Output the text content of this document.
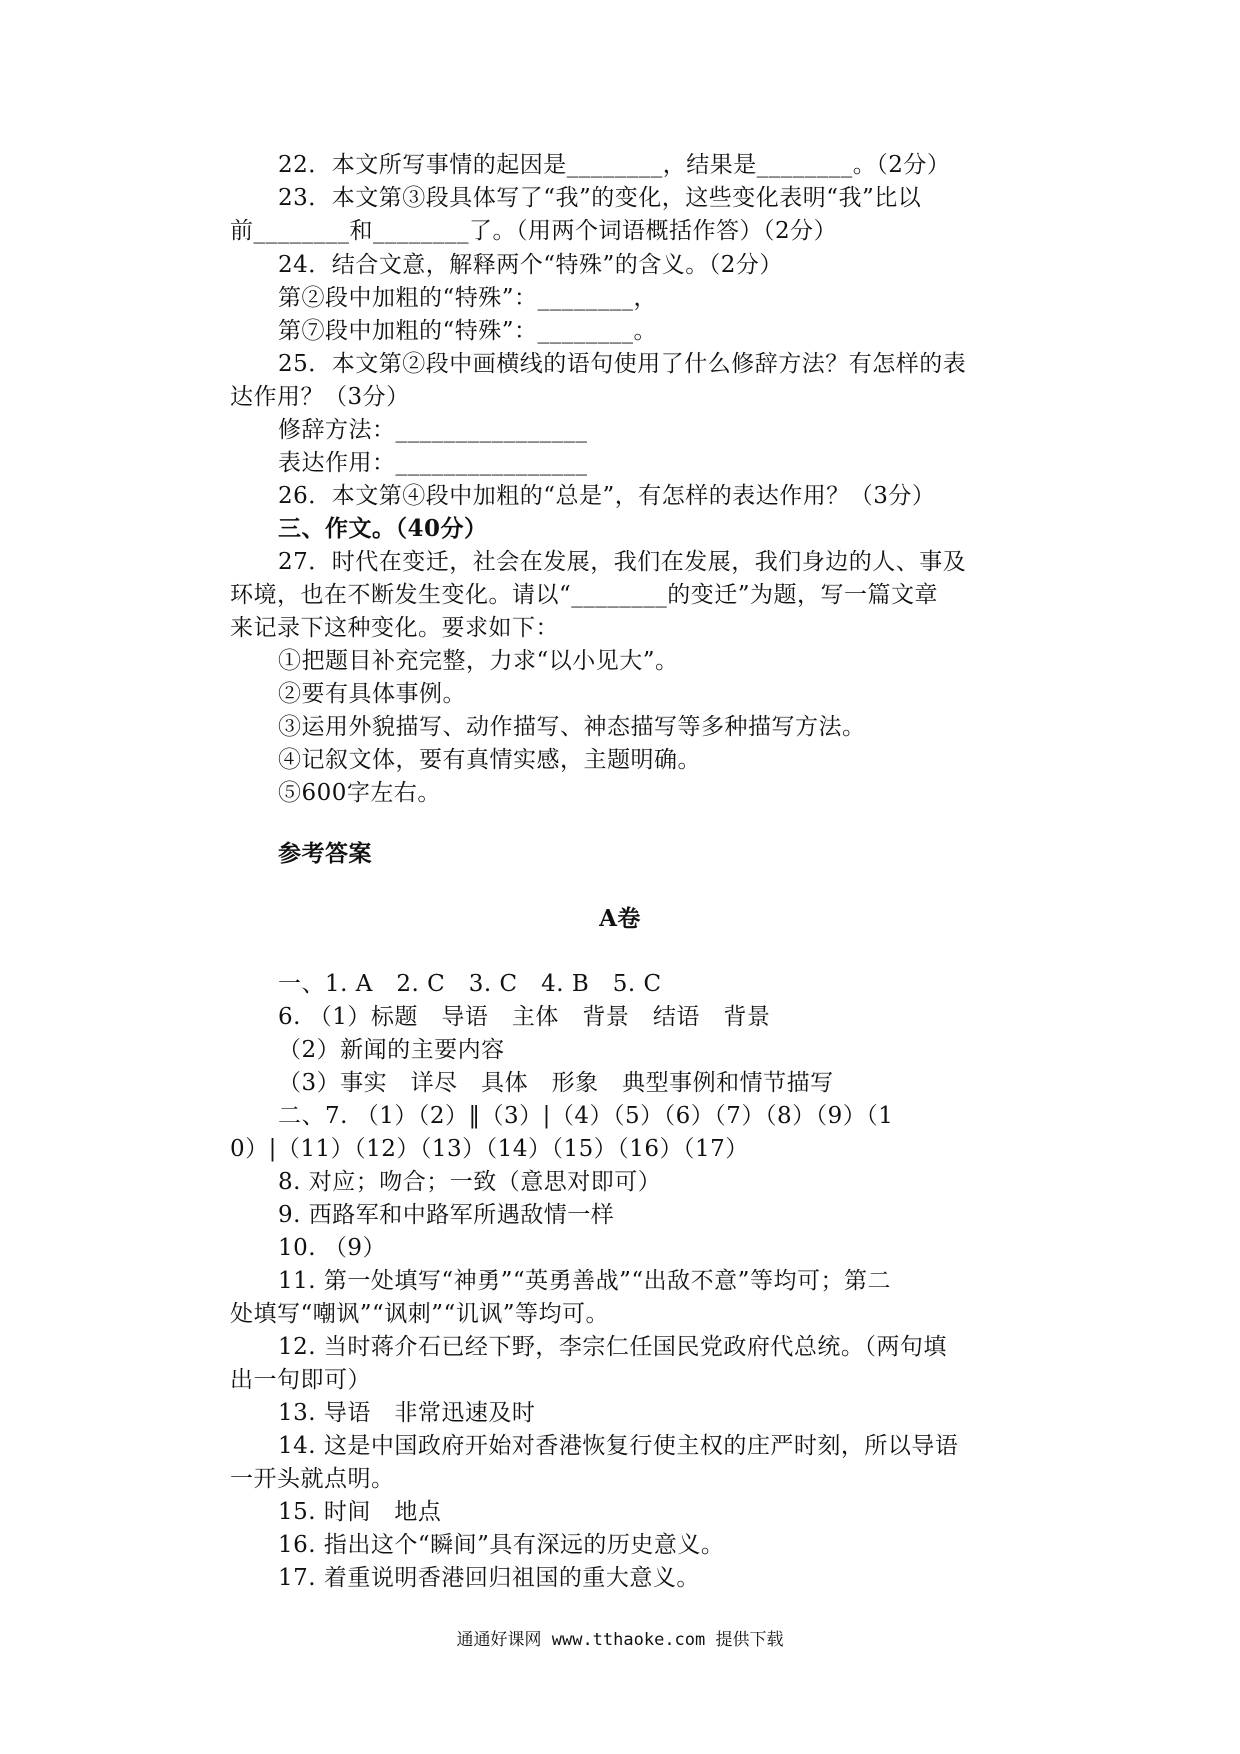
22．本文所写事情的起因是________，结果是________。（2分）
23．本文第③段具体写了“我”的变化，这些变化表明“我”比以
前________和________了。（用两个词语概括作答）（2分）
24．结合文意，解释两个“特殊”的含义。（2分）
第②段中加粗的“特殊”：________，
第⑦段中加粗的“特殊”：________。
25．本文第②段中画横线的语句使用了什么修辞方法？有怎样的表
达作用？（3分）
修辞方法：________________
表达作用：________________
26．本文第④段中加粗的“总是”，有怎样的表达作用？（3分）
三、作文。（40分）
27．时代在变迁，社会在发展，我们在发展，我们身边的人、事及
环境，也在不断发生变化。请以“________的变迁”为题，写一篇文章
来记录下这种变化。要求如下：
①把题目补充完整，力求“以小见大”。
②要有具体事例。
③运用外貌描写、动作描写、神态描写等多种描写方法。
④记叙文体，要有真情实感，主题明确。
⑤600字左右。
参考答案
A卷
一、1. A　2. C　3. C　4. B　5. C
6. （1）标题　导语　主体　背景　结语　背景
（2）新闻的主要内容
（3）事实　详尽　具体　形象　典型事例和情节描写
二、7. （1）（2）‖（3）|（4）（5）（6）（7）（8）（9）（1
0）|（11）（12）（13）（14）（15）（16）（17）
8. 对应；吻合；一致（意思对即可）
9. 西路军和中路军所遇敌情一样
10. （9）
11. 第一处填写“神勇”“英勇善战”“出敌不意”等均可；第二
处填写“嘲讽”“讽刺”“讥讽”等均可。
12. 当时蒋介石已经下野，李宗仁任国民党政府代总统。（两句填
出一句即可）
13. 导语　非常迅速及时
14. 这是中国政府开始对香港恢复行使主权的庄严时刻，所以导语
一开头就点明。
15. 时间　地点
16. 指出这个“瞬间”具有深远的历史意义。
17. 着重说明香港回归祖国的重大意义。
通通好课网 www.tthaoke.com 提供下载
